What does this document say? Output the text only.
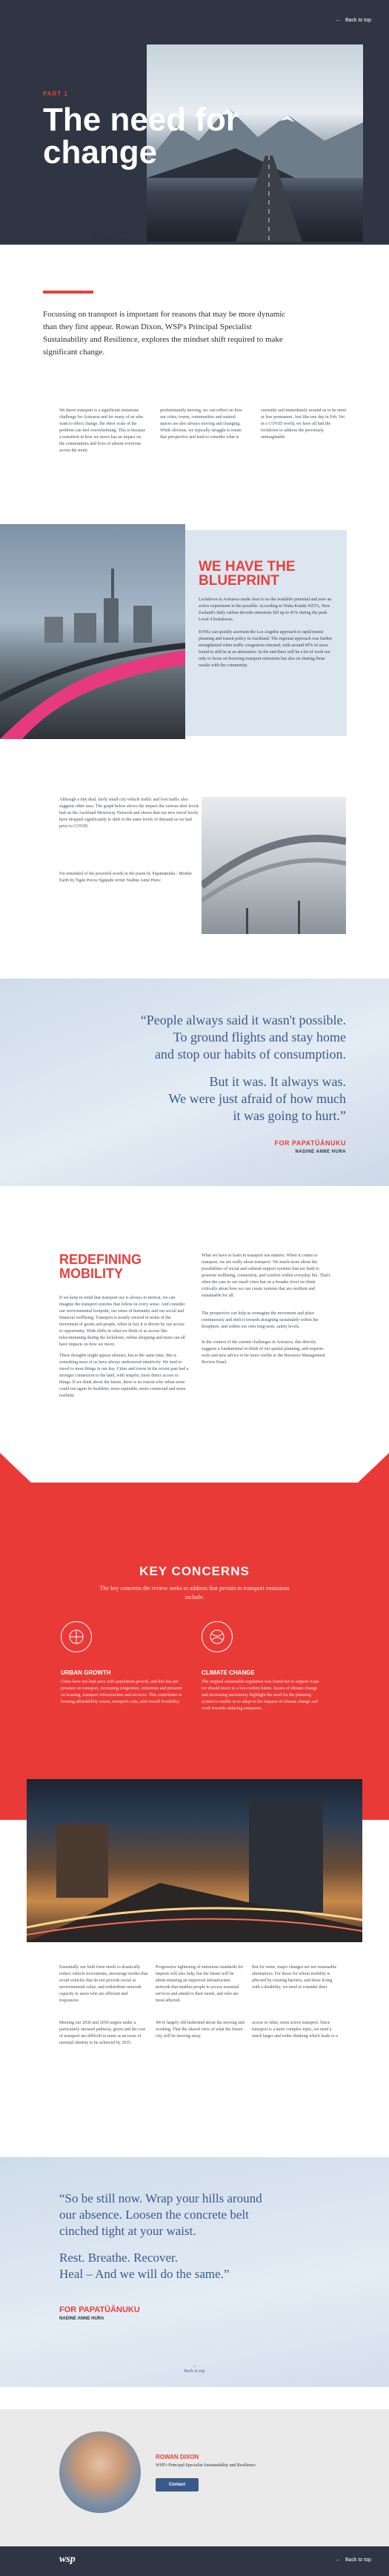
← Back to top
PART 1
The need for change
By Rowan Dixon

Focussing on transport is important for reasons that may be more dynamic than they first appear. Rowan Dixon, WSP's Principal Specialist Sustainability and Resilience, explores the mindset shift required to make significant change.

We know transport is a significant emissions challenge for Aotearoa and for many of us who want to effect change, the sheer scale of the problem can feel overwhelming. This is because a transition in how we move has an impact on the communities and lives of almost everyone across the motu.

predominantly moving, we can reflect on how our cities, towns, communities and natural spaces are also always moving and changing. While obvious, we typically struggle to retain that perspective and tend to consider what is

currently and immediately around us to be more or less permanent. Just like one day in Feb. Yet in a COVID world, we have all had the lockdown to address the previously unimaginable

WE HAVE THE BLUEPRINT

Lockdown in Aotearoa made clear to us the available potential and now an active experiment in the possible. According to Waka Kotahi NZTA, New Zealand's daily carbon dioxide emissions fell up to 41% during the peak Level 4 lockdowns.

KWEs can quickly ascertain the Los Angeles approach to rapid transit planning and transit policy in Auckland. The regional approach was further strengthened when traffic congestion returned, with around 60% of users found to still be at an alternative. In the end there will be a lot of work not only to focus on lowering transport emissions but also on sharing those results with the community.

Although a tiny deal, fairly small city vehicle traffic and foot traffic also suggests other uses. The graph below shows the impact the various alert levels had on the Auckland Motorway Network and shows that our new travel levels have dropped significantly to shift to the same levels of demand as we had prior to COVID.

I'm reminded of the powerful words in the poem by Papatūānuku - Mother Earth by Ngāti Porou Ngāpuhi writer Nadine Anne Hura:

“People always said it wasn't possible.
To ground flights and stay home
and stop our habits of consumption.
But it was. It always was.
We were just afraid of how much
it was going to hurt.”
FOR PAPATŪĀNUKU
NADINE ANNE HURA
REDEFINING MOBILITY

If we keep in mind that transport use is always in motion, we can imagine the transport systems that follow in every sense. And consider our environmental footprint, our sense of humanity and our social and financial wellbeing. Transport is mostly viewed in terms of the movement of goods and people, when in fact it is driven by our access to opportunity. Wide shifts in what we think of as access like telecommuting during the lockdown, online shopping and more can all have impacts on how we move.

These thoughts might appear abstract, but at the same time, this is something most of us have always understood intuitively. We tend to travel to most things in our day. Cities and towns in the recent past had a stronger connection to the land, with simpler, more direct access to things. If we think about the future, there is no reason why urban areas could not again be healthier, more equitable, more connected and more resilient.

What we have to learn in transport use matters. When it comes to transport, we are really about transport. We much more about the possibilities of social and cultural support systems that are built to promote wellbeing, connection, and comfort within everyday life. That's often the case in our small cities but on a broader level we think critically about how we can create systems that are resilient and sustainable for all.

The perspective can help us reimagine the movement and place continuously and shift it towards designing sustainably within the biosphere, and within our own long-term, safety levels.

In the context of the current challenges in Aotearoa, this directly suggests a fundamental re-think of our spatial planning, and requires tools and new advice to be more visible to the Resource Management Review Panel.

KEY CONCERNS

The key concerns the review seeks to address that pertain to transport emissions include:

URBAN GROWTH

Cities have not kept pace with population growth, and this has put pressure on transport, increasing congestion, emissions and pressure on housing, transport infrastructure and services. This contributes to housing affordability issues, transport costs, and overall liveability.

CLIMATE CHANGE

The original sustainable regulation was found not to support ways we should move to a low-carbon future. Issues of climate change and increasing uncertainty highlight the need for the planning system to enable us to adapt to the impacts of climate change and work towards reducing emissions.

Essentially our built form needs to drastically reduce vehicle movements, encourage modes that avoid vehicles that do not provide social or environmental value, and redistribute network capacity to users who are efficient and responsive.

Meeting our 2030 and 2050 targets under a particularly stressed pathway, given and the cost of transport are difficult to meet as an issue of national identity to be achieved by 2035.

Progressive tightening of emissions standards for imports will also help, but the future will be about ensuring an improved infrastructure network that enables people to access essential services and attend to their needs, and who are most affected.

We're largely old-fashioned about the moving and working. That the shared view of what the future city will be moving away

But for some, major changes are not reasonable alternatives. For those for whom mobility is affected by existing barriers, and those living with a disability, we need to consider their

access to other, more active transport. Since transport is a more complex topic, we need a much larger and wider thinking which leads to a

“So be still now. Wrap your hills around
our absence. Loosen the concrete belt
cinched tight at your waist.
Rest. Breathe. Recover.
Heal – And we will do the same.”
FOR PAPATŪĀNUKU
NADINE ANNE HURA
↑
Back to top
ROWAN DIXON
WSP's Principal Specialist Sustainability and Resilience
Contact
wsp	← Back to top
